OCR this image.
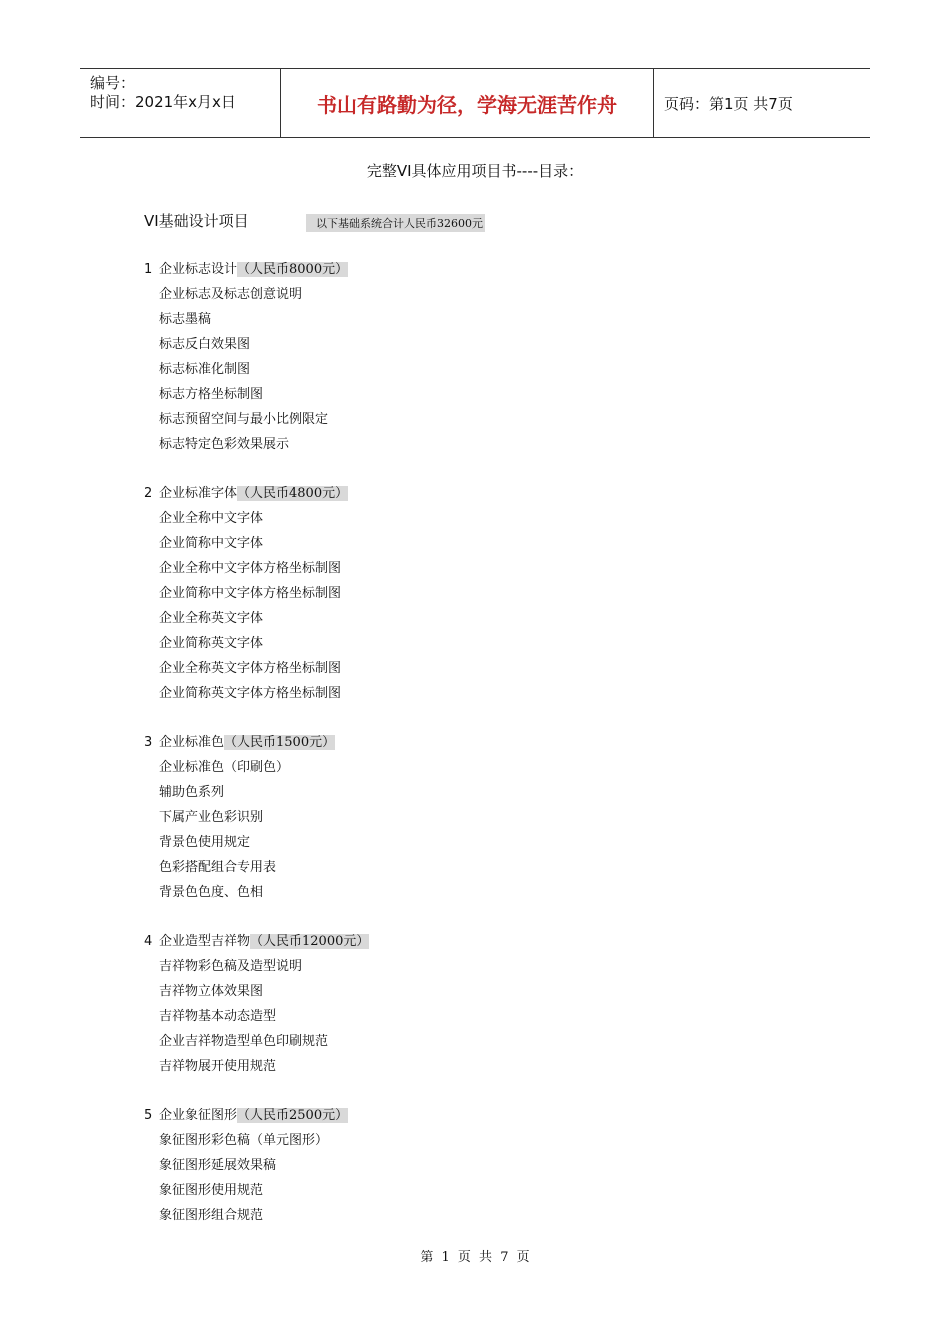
编号：
时间：2021年x月x日	书山有路勤为径，学海无涯苦作舟	页码：第1页 共7页
完整VI具体应用项目书----目录：
VI基础设计项目	以下基础系统合计人民币32600元
1 企业标志设计（人民币8000元）
企业标志及标志创意说明
标志墨稿
标志反白效果图
标志标准化制图
标志方格坐标制图
标志预留空间与最小比例限定
标志特定色彩效果展示
2 企业标准字体（人民币4800元）
企业全称中文字体
企业简称中文字体
企业全称中文字体方格坐标制图
企业简称中文字体方格坐标制图
企业全称英文字体
企业简称英文字体
企业全称英文字体方格坐标制图
企业简称英文字体方格坐标制图
3 企业标准色（人民币1500元）
企业标准色（印刷色）
辅助色系列
下属产业色彩识别
背景色使用规定
色彩搭配组合专用表
背景色色度、色相
4 企业造型吉祥物（人民币12000元）
吉祥物彩色稿及造型说明
吉祥物立体效果图
吉祥物基本动态造型
企业吉祥物造型单色印刷规范
吉祥物展开使用规范
5 企业象征图形（人民币2500元）
象征图形彩色稿（单元图形）
象征图形延展效果稿
象征图形使用规范
象征图形组合规范
第 1 页 共 7 页
